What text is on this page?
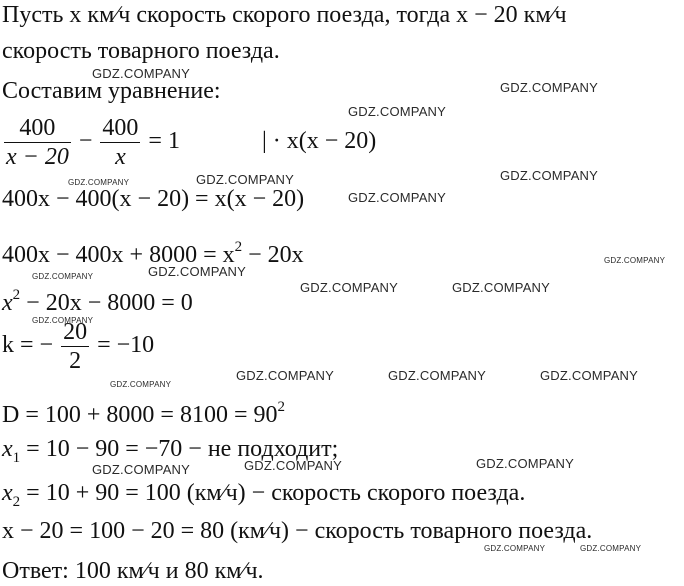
Пусть x км∕ч скорость скорого поезда, тогда x − 20 км∕ч
скорость товарного поезда.
Составим уравнение:
$\frac{400}{x - 20} - \frac{400}{x} = 1$	| · x(x − 20)
400x − 400(x − 20) = x(x − 20)
$400x - 400x + 8000 = x^2 - 20x$
$x^2 - 20x - 8000 = 0$
k = − $\frac{20}{2} = -10$
$D = 100 + 8000 = 8100 = 90^2$
$x_1 = 10 - 90 = -70$ − не подходит;
$x_2 = 10 + 90 = 100$ (км∕ч) − скорость скорого поезда.
x − 20 = 100 − 20 = 80 (км∕ч) − скорость товарного поезда.
Ответ: 100 км∕ч и 80 км∕ч.
GDZ.COMPANY
GDZ.COMPANY
GDZ.COMPANY
GDZ.COMPANY	GDZ.COMPANY	GDZ.COMPANY
GDZ.COMPANY
GDZ.COMPANY
GDZ.COMPANY	GDZ.COMPANY
GDZ.COMPANY	GDZ.COMPANY
GDZ.COMPANY
GDZ.COMPANY	GDZ.COMPANY	GDZ.COMPANY
GDZ.COMPANY
GDZ.COMPANY
GDZ.COMPANY	GDZ.COMPANY
GDZ.COMPANY	GDZ.COMPANY
